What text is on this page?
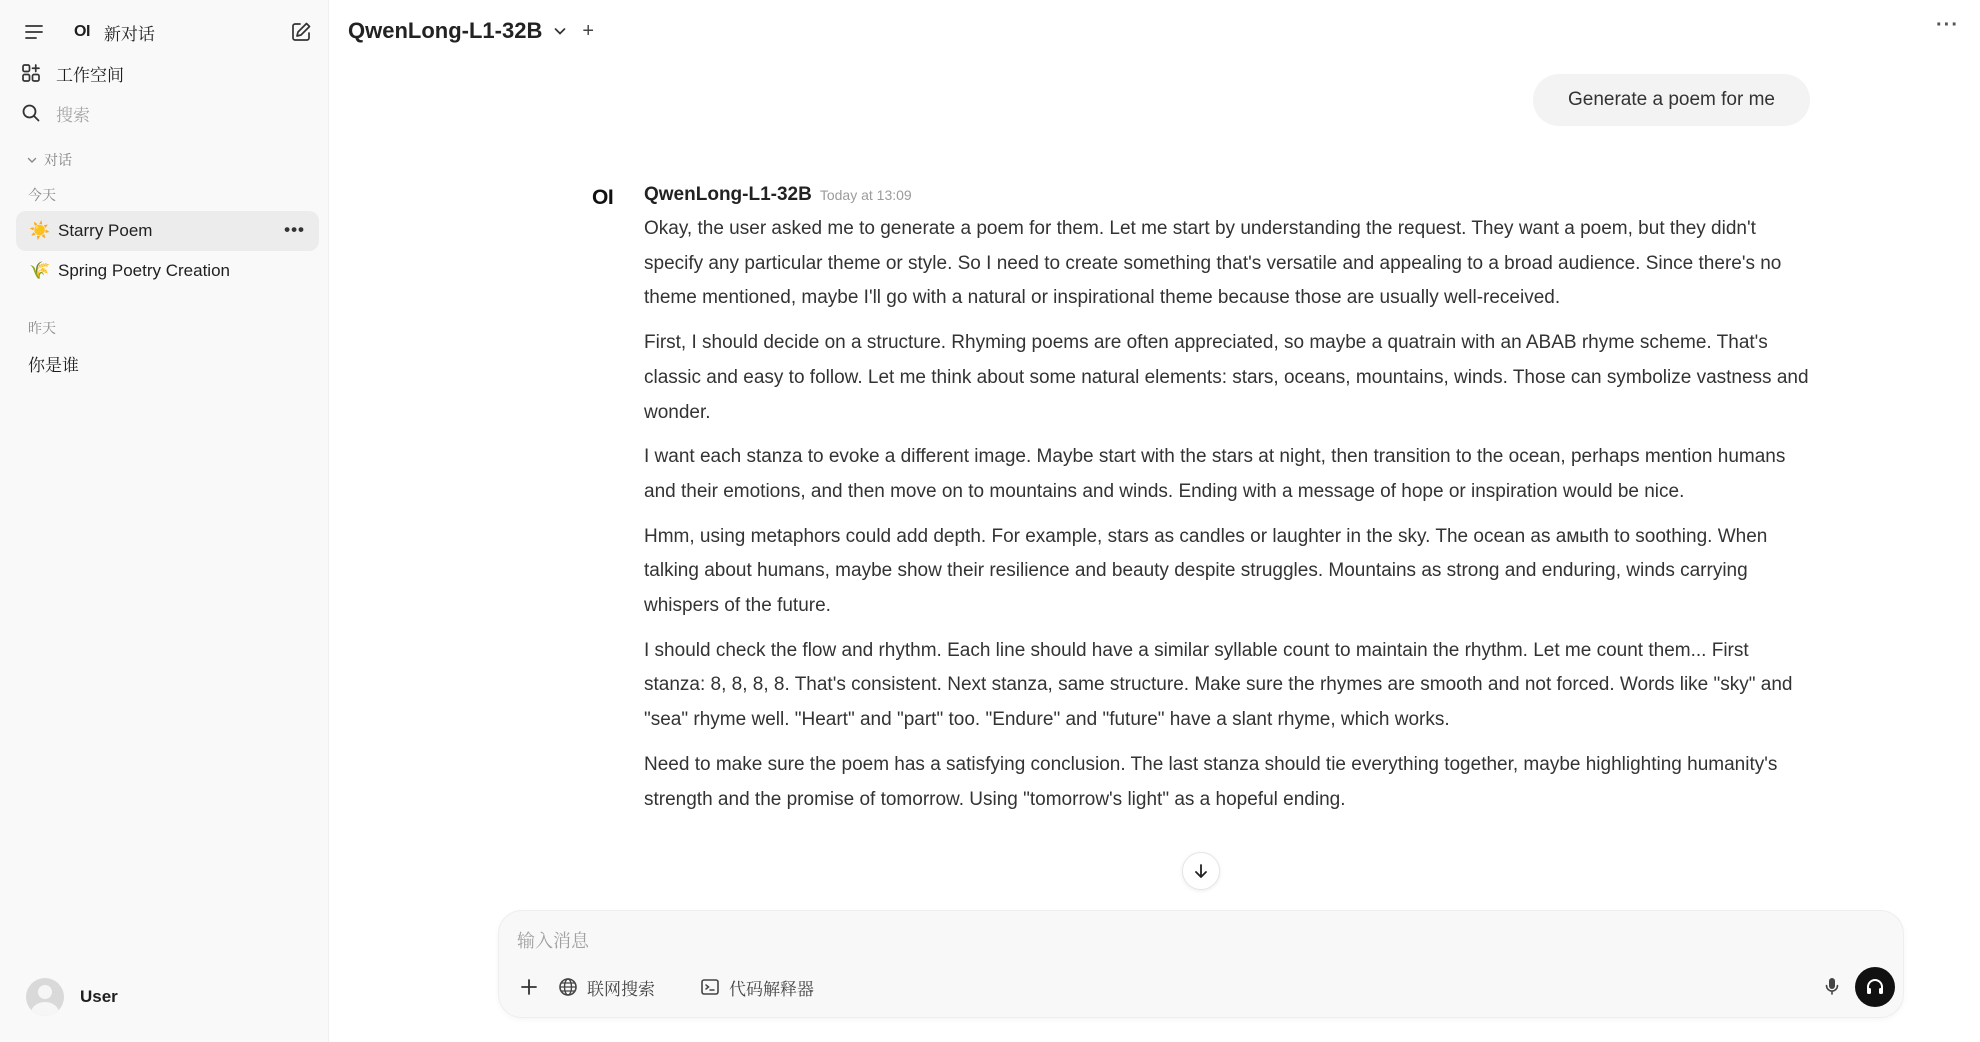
OI 新对话
工作空间
搜索
对话
今天
☀️ Starry Poem	•••
🌾 Spring Poetry Creation
昨天
你是谁
User
QwenLong-L1-32B +	···
Generate a poem for me
OI QwenLong-L1-32B Today at 13:09

Okay, the user asked me to generate a poem for them. Let me start by understanding the request. They want a poem, but they didn't specify any particular theme or style. So I need to create something that's versatile and appealing to a broad audience. Since there's no theme mentioned, maybe I'll go with a natural or inspirational theme because those are usually well-received.

First, I should decide on a structure. Rhyming poems are often appreciated, so maybe a quatrain with an ABAB rhyme scheme. That's classic and easy to follow. Let me think about some natural elements: stars, oceans, mountains, winds. Those can symbolize vastness and wonder.

I want each stanza to evoke a different image. Maybe start with the stars at night, then transition to the ocean, perhaps mention humans and their emotions, and then move on to mountains and winds. Ending with a message of hope or inspiration would be nice.

Hmm, using metaphors could add depth. For example, stars as candles or laughter in the sky. The ocean as амыth to soothing. When talking about humans, maybe show their resilience and beauty despite struggles. Mountains as strong and enduring, winds carrying whispers of the future.

I should check the flow and rhythm. Each line should have a similar syllable count to maintain the rhythm. Let me count them... First stanza: 8, 8, 8, 8. That's consistent. Next stanza, same structure. Make sure the rhymes are smooth and not forced. Words like "sky" and "sea" rhyme well. "Heart" and "part" too. "Endure" and "future" have a slant rhyme, which works.

Need to make sure the poem has a satisfying conclusion. The last stanza should tie everything together, maybe highlighting humanity's strength and the promise of tomorrow. Using "tomorrow's light" as a hopeful ending.

输入消息
联网搜索	代码解释器
